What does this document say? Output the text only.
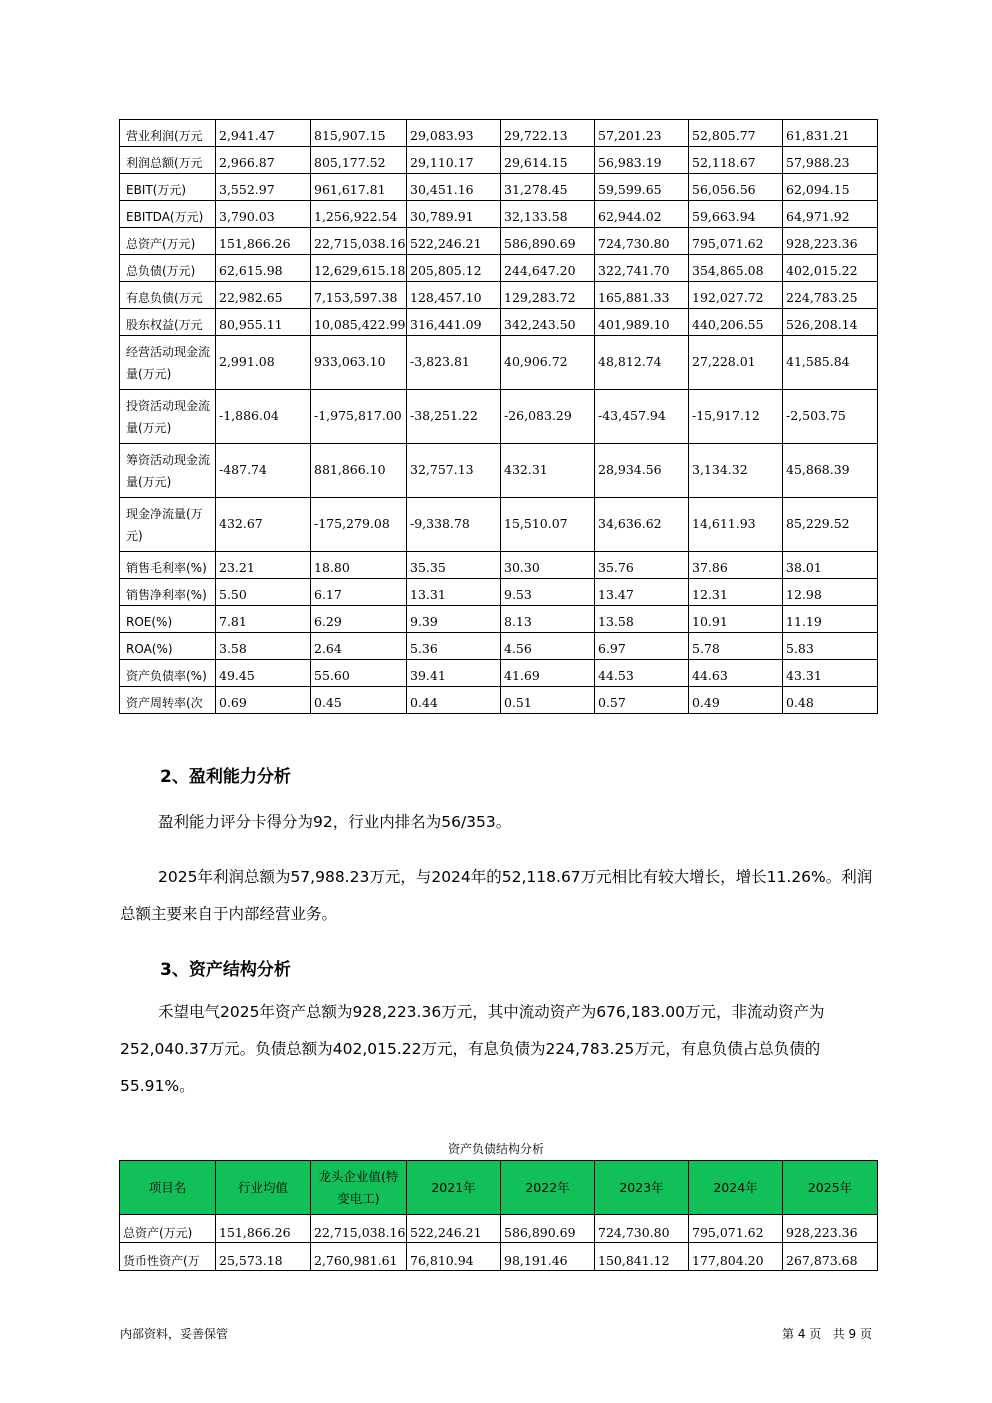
营业利润(万元	2,941.47	815,907.15	29,083.93	29,722.13	57,201.23	52,805.77	61,831.21
利润总额(万元	2,966.87	805,177.52	29,110.17	29,614.15	56,983.19	52,118.67	57,988.23
EBIT(万元)	3,552.97	961,617.81	30,451.16	31,278.45	59,599.65	56,056.56	62,094.15
EBITDA(万元)	3,790.03	1,256,922.54	30,789.91	32,133.58	62,944.02	59,663.94	64,971.92
总资产(万元)	151,866.26	22,715,038.16	522,246.21	586,890.69	724,730.80	795,071.62	928,223.36
总负债(万元)	62,615.98	12,629,615.18	205,805.12	244,647.20	322,741.70	354,865.08	402,015.22
有息负债(万元	22,982.65	7,153,597.38	128,457.10	129,283.72	165,881.33	192,027.72	224,783.25
股东权益(万元	80,955.11	10,085,422.99	316,441.09	342,243.50	401,989.10	440,206.55	526,208.14
经营活动现金流量(万元)	2,991.08	933,063.10	-3,823.81	40,906.72	48,812.74	27,228.01	41,585.84
投资活动现金流量(万元)	-1,886.04	-1,975,817.00	-38,251.22	-26,083.29	-43,457.94	-15,917.12	-2,503.75
筹资活动现金流量(万元)	-487.74	881,866.10	32,757.13	432.31	28,934.56	3,134.32	45,868.39
现金净流量(万元)	432.67	-175,279.08	-9,338.78	15,510.07	34,636.62	14,611.93	85,229.52
销售毛利率(%)	23.21	18.80	35.35	30.30	35.76	37.86	38.01
销售净利率(%)	5.50	6.17	13.31	9.53	13.47	12.31	12.98
ROE(%)	7.81	6.29	9.39	8.13	13.58	10.91	11.19
ROA(%)	3.58	2.64	5.36	4.56	6.97	5.78	5.83
资产负债率(%)	49.45	55.60	39.41	41.69	44.53	44.63	43.31
资产周转率(次	0.69	0.45	0.44	0.51	0.57	0.49	0.48
2、盈利能力分析
盈利能力评分卡得分为92，行业内排名为56/353。
2025年利润总额为57,988.23万元，与2024年的52,118.67万元相比有较大增长，增长11.26%。利润总额主要来自于内部经营业务。
3、资产结构分析
禾望电气2025年资产总额为928,223.36万元，其中流动资产为676,183.00万元，非流动资产为252,040.37万元。负债总额为402,015.22万元，有息负债为224,783.25万元，有息负债占总负债的55.91%。
资产负债结构分析
项目名	行业均值	龙头企业值(特变电工)	2021年	2022年	2023年	2024年	2025年
总资产(万元)	151,866.26	22,715,038.16	522,246.21	586,890.69	724,730.80	795,071.62	928,223.36
货币性资产(万	25,573.18	2,760,981.61	76,810.94	98,191.46	150,841.12	177,804.20	267,873.68
内部资料，妥善保管	第 4 页   共 9 页
